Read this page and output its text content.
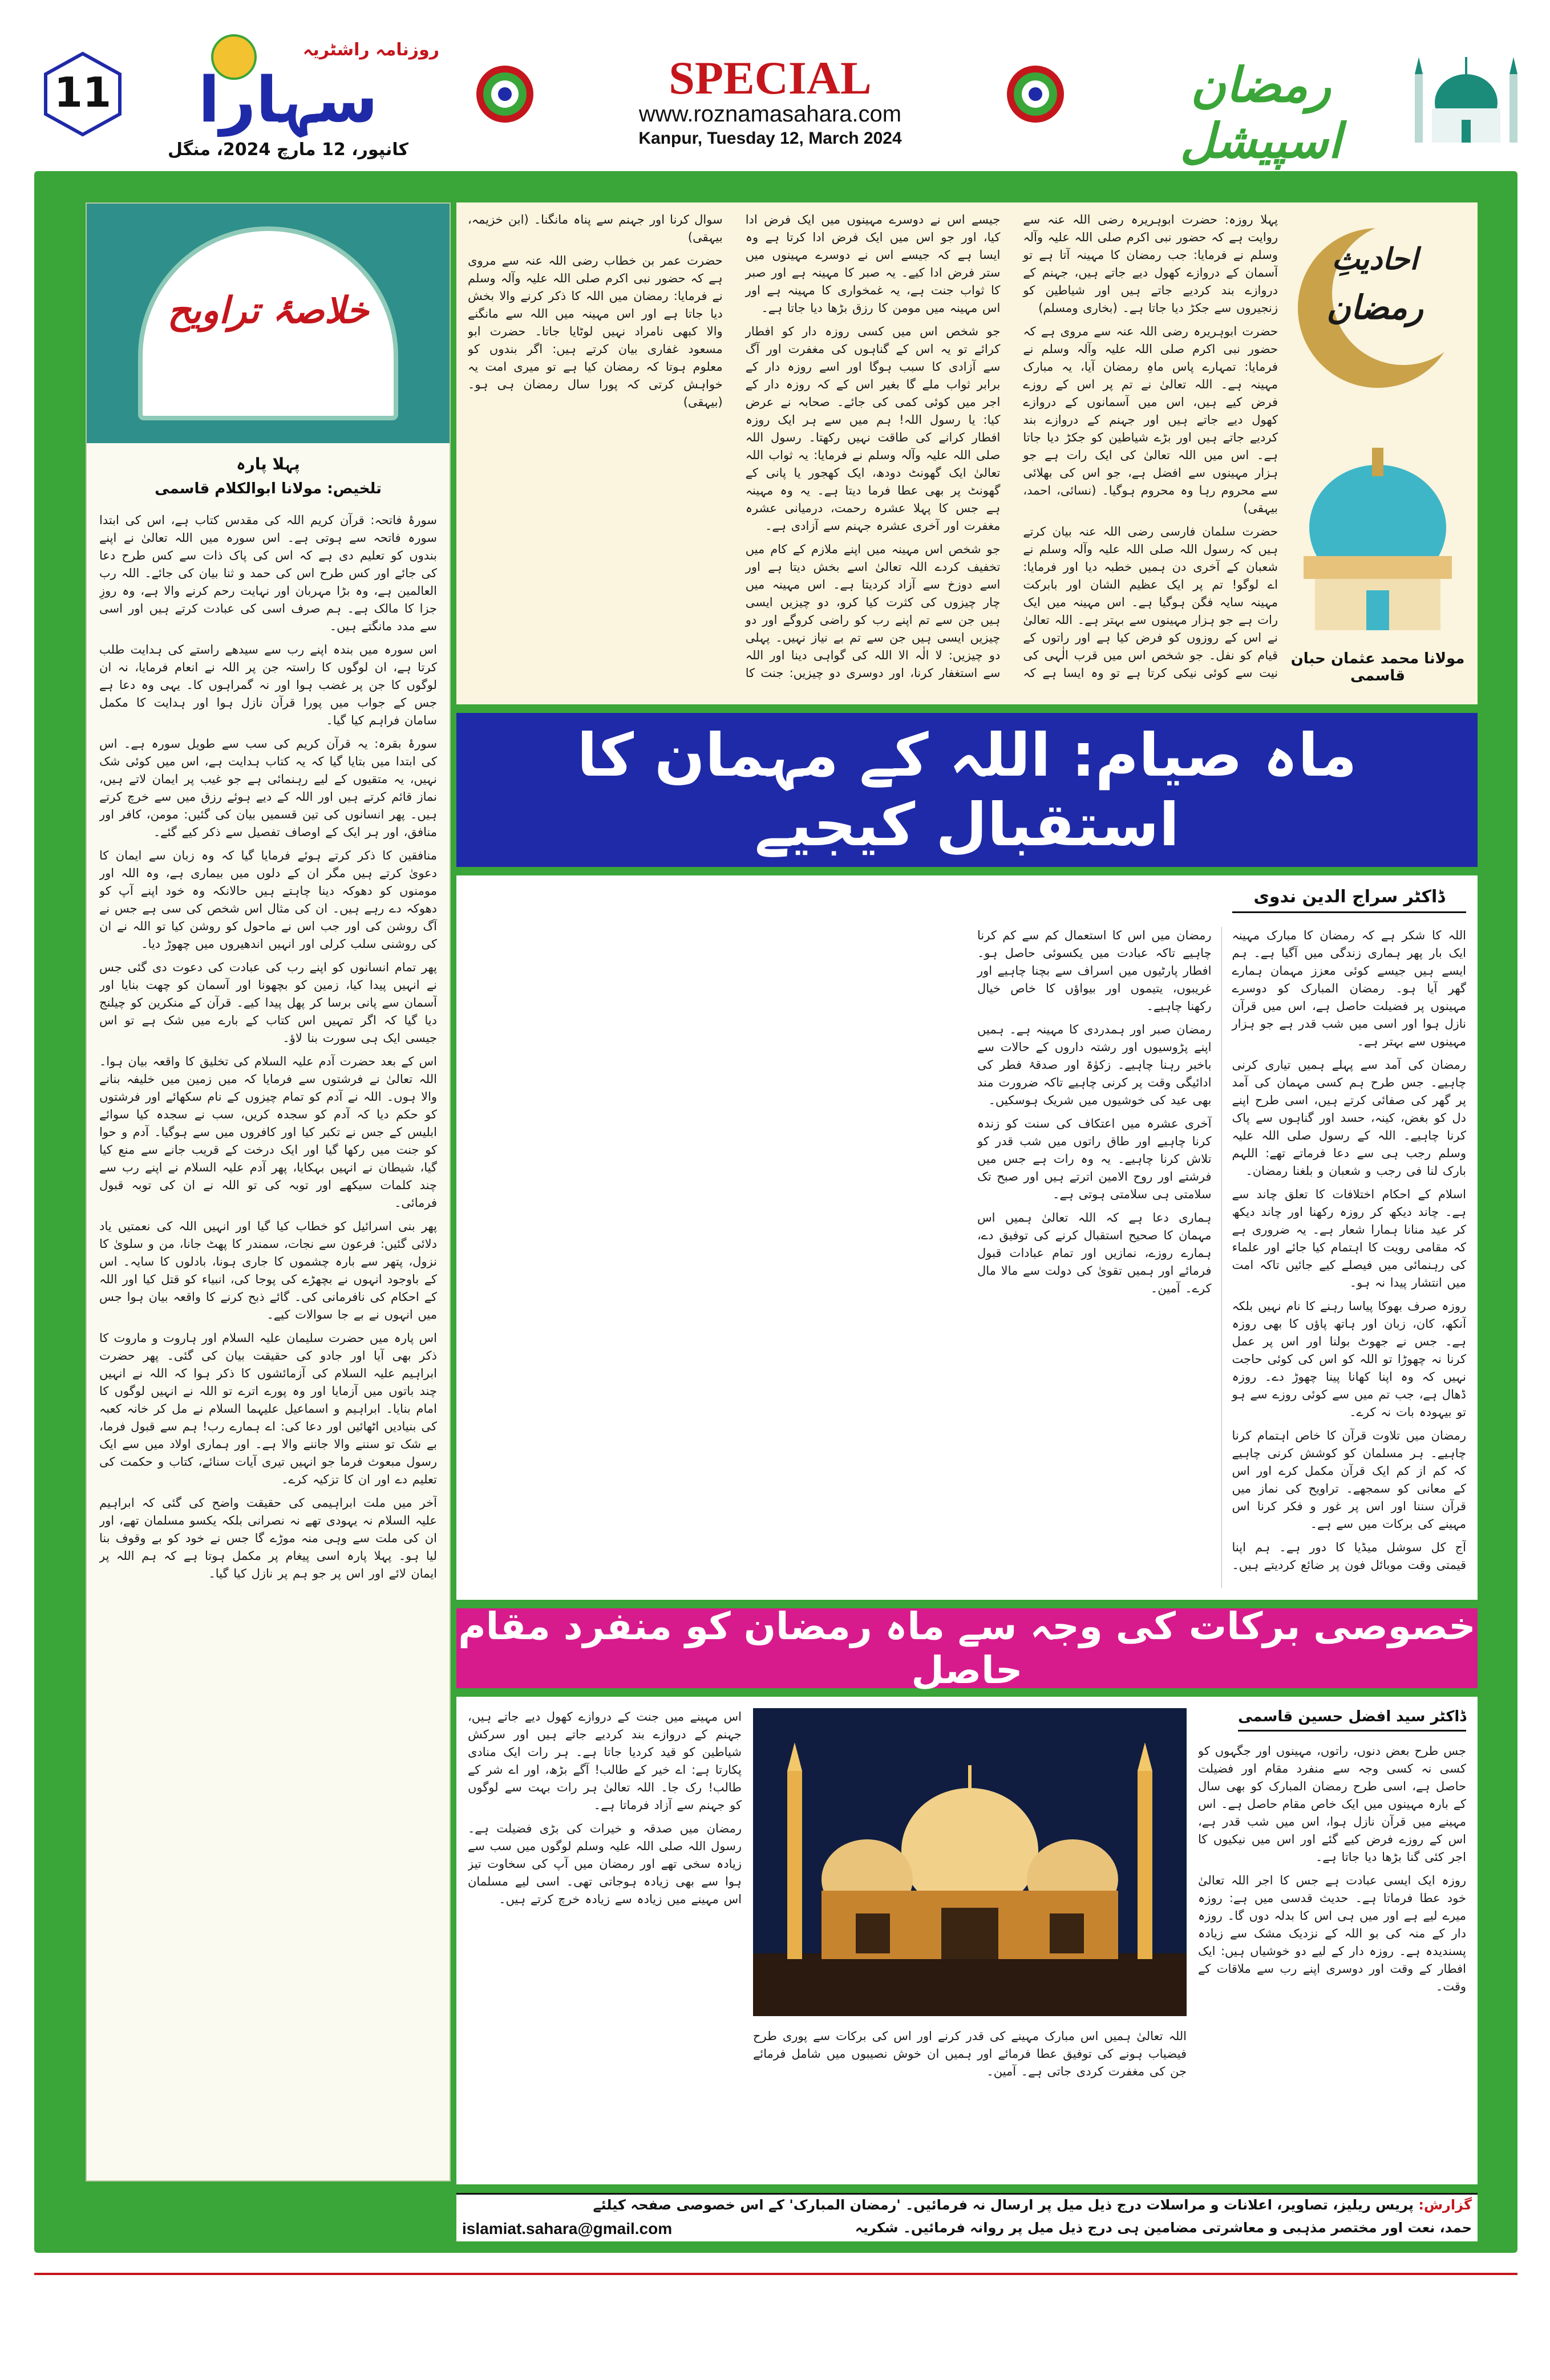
11
روزنامہ راشٹریہ
سہارا
کانپور، 12 مارچ 2024، منگل
SPECIAL
www.roznamasahara.com
Kanpur, Tuesday 12, March 2024
رمضان اسپیشل
خلاصۂ تراویح
پہلا پارہ
تلخیص: مولانا ابوالکلام قاسمی

سورۂ فاتحہ: قرآن کریم اللہ کی مقدس کتاب ہے، اس کی ابتدا سورہ فاتحہ سے ہوتی ہے۔ اس سورہ میں اللہ تعالیٰ نے اپنے بندوں کو تعلیم دی ہے کہ اس کی پاک ذات سے کس طرح دعا کی جائے اور کس طرح اس کی حمد و ثنا بیان کی جائے۔ اللہ رب العالمین ہے، وہ بڑا مہربان اور نہایت رحم کرنے والا ہے، وہ روزِ جزا کا مالک ہے۔ ہم صرف اسی کی عبادت کرتے ہیں اور اسی سے مدد مانگتے ہیں۔

اس سورہ میں بندہ اپنے رب سے سیدھے راستے کی ہدایت طلب کرتا ہے، ان لوگوں کا راستہ جن پر اللہ نے انعام فرمایا، نہ ان لوگوں کا جن پر غضب ہوا اور نہ گمراہوں کا۔ یہی وہ دعا ہے جس کے جواب میں پورا قرآن نازل ہوا اور ہدایت کا مکمل سامان فراہم کیا گیا۔

سورۂ بقرہ: یہ قرآن کریم کی سب سے طویل سورہ ہے۔ اس کی ابتدا میں بتایا گیا کہ یہ کتاب ہدایت ہے، اس میں کوئی شک نہیں، یہ متقیوں کے لیے رہنمائی ہے جو غیب پر ایمان لاتے ہیں، نماز قائم کرتے ہیں اور اللہ کے دیے ہوئے رزق میں سے خرچ کرتے ہیں۔ پھر انسانوں کی تین قسمیں بیان کی گئیں: مومن، کافر اور منافق، اور ہر ایک کے اوصاف تفصیل سے ذکر کیے گئے۔

منافقین کا ذکر کرتے ہوئے فرمایا گیا کہ وہ زبان سے ایمان کا دعویٰ کرتے ہیں مگر ان کے دلوں میں بیماری ہے، وہ اللہ اور مومنوں کو دھوکہ دینا چاہتے ہیں حالانکہ وہ خود اپنے آپ کو دھوکہ دے رہے ہیں۔ ان کی مثال اس شخص کی سی ہے جس نے آگ روشن کی اور جب اس نے ماحول کو روشن کیا تو اللہ نے ان کی روشنی سلب کرلی اور انہیں اندھیروں میں چھوڑ دیا۔

پھر تمام انسانوں کو اپنے رب کی عبادت کی دعوت دی گئی جس نے انہیں پیدا کیا، زمین کو بچھونا اور آسمان کو چھت بنایا اور آسمان سے پانی برسا کر پھل پیدا کیے۔ قرآن کے منکرین کو چیلنج دیا گیا کہ اگر تمہیں اس کتاب کے بارے میں شک ہے تو اس جیسی ایک ہی سورت بنا لاؤ۔

اس کے بعد حضرت آدم علیہ السلام کی تخلیق کا واقعہ بیان ہوا۔ اللہ تعالیٰ نے فرشتوں سے فرمایا کہ میں زمین میں خلیفہ بنانے والا ہوں۔ اللہ نے آدم کو تمام چیزوں کے نام سکھائے اور فرشتوں کو حکم دیا کہ آدم کو سجدہ کریں، سب نے سجدہ کیا سوائے ابلیس کے جس نے تکبر کیا اور کافروں میں سے ہوگیا۔ آدم و حوا کو جنت میں رکھا گیا اور ایک درخت کے قریب جانے سے منع کیا گیا، شیطان نے انہیں بہکایا، پھر آدم علیہ السلام نے اپنے رب سے چند کلمات سیکھے اور توبہ کی تو اللہ نے ان کی توبہ قبول فرمائی۔

پھر بنی اسرائیل کو خطاب کیا گیا اور انہیں اللہ کی نعمتیں یاد دلائی گئیں: فرعون سے نجات، سمندر کا پھٹ جانا، من و سلویٰ کا نزول، پتھر سے بارہ چشموں کا جاری ہونا، بادلوں کا سایہ۔ اس کے باوجود انہوں نے بچھڑے کی پوجا کی، انبیاء کو قتل کیا اور اللہ کے احکام کی نافرمانی کی۔ گائے ذبح کرنے کا واقعہ بیان ہوا جس میں انہوں نے بے جا سوالات کیے۔

اس پارہ میں حضرت سلیمان علیہ السلام اور ہاروت و ماروت کا ذکر بھی آیا اور جادو کی حقیقت بیان کی گئی۔ پھر حضرت ابراہیم علیہ السلام کی آزمائشوں کا ذکر ہوا کہ اللہ نے انہیں چند باتوں میں آزمایا اور وہ پورے اترے تو اللہ نے انہیں لوگوں کا امام بنایا۔ ابراہیم و اسماعیل علیہما السلام نے مل کر خانہ کعبہ کی بنیادیں اٹھائیں اور دعا کی: اے ہمارے رب! ہم سے قبول فرما، بے شک تو سننے والا جاننے والا ہے۔ اور ہماری اولاد میں سے ایک رسول مبعوث فرما جو انہیں تیری آیات سنائے، کتاب و حکمت کی تعلیم دے اور ان کا تزکیہ کرے۔

آخر میں ملت ابراہیمی کی حقیقت واضح کی گئی کہ ابراہیم علیہ السلام نہ یہودی تھے نہ نصرانی بلکہ یکسو مسلمان تھے، اور ان کی ملت سے وہی منہ موڑے گا جس نے خود کو بے وقوف بنا لیا ہو۔ پہلا پارہ اسی پیغام پر مکمل ہوتا ہے کہ ہم اللہ پر ایمان لائے اور اس پر جو ہم پر نازل کیا گیا۔

احادیثِ
رمضان
مولانا محمد عثمان حبان قاسمی

پہلا روزہ: حضرت ابوہریرہ رضی اللہ عنہ سے روایت ہے کہ حضور نبی اکرم صلی اللہ علیہ وآلہ وسلم نے فرمایا: جب رمضان کا مہینہ آتا ہے تو آسمان کے دروازے کھول دیے جاتے ہیں، جہنم کے دروازے بند کردیے جاتے ہیں اور شیاطین کو زنجیروں سے جکڑ دیا جاتا ہے۔ (بخاری ومسلم)

حضرت ابوہریرہ رضی اللہ عنہ سے مروی ہے کہ حضور نبی اکرم صلی اللہ علیہ وآلہ وسلم نے فرمایا: تمہارے پاس ماہِ رمضان آیا، یہ مبارک مہینہ ہے۔ اللہ تعالیٰ نے تم پر اس کے روزے فرض کیے ہیں، اس میں آسمانوں کے دروازے کھول دیے جاتے ہیں اور جہنم کے دروازے بند کردیے جاتے ہیں اور بڑے شیاطین کو جکڑ دیا جاتا ہے۔ اس میں اللہ تعالیٰ کی ایک رات ہے جو ہزار مہینوں سے افضل ہے، جو اس کی بھلائی سے محروم رہا وہ محروم ہوگیا۔ (نسائی، احمد، بیہقی)

حضرت سلمان فارسی رضی اللہ عنہ بیان کرتے ہیں کہ رسول اللہ صلی اللہ علیہ وآلہ وسلم نے شعبان کے آخری دن ہمیں خطبہ دیا اور فرمایا: اے لوگو! تم پر ایک عظیم الشان اور بابرکت مہینہ سایہ فگن ہوگیا ہے۔ اس مہینہ میں ایک رات ہے جو ہزار مہینوں سے بہتر ہے۔ اللہ تعالیٰ نے اس کے روزوں کو فرض کیا ہے اور راتوں کے قیام کو نفل۔ جو شخص اس میں قرب الٰہی کی نیت سے کوئی نیکی کرتا ہے تو وہ ایسا ہے کہ جیسے اس نے دوسرے مہینوں میں ایک فرض ادا کیا، اور جو اس میں ایک فرض ادا کرتا ہے وہ ایسا ہے کہ جیسے اس نے دوسرے مہینوں میں ستر فرض ادا کیے۔ یہ صبر کا مہینہ ہے اور صبر کا ثواب جنت ہے، یہ غمخواری کا مہینہ ہے اور اس مہینہ میں مومن کا رزق بڑھا دیا جاتا ہے۔

جو شخص اس میں کسی روزہ دار کو افطار کرائے تو یہ اس کے گناہوں کی مغفرت اور آگ سے آزادی کا سبب ہوگا اور اسے روزہ دار کے برابر ثواب ملے گا بغیر اس کے کہ روزہ دار کے اجر میں کوئی کمی کی جائے۔ صحابہ نے عرض کیا: یا رسول اللہ! ہم میں سے ہر ایک روزہ افطار کرانے کی طاقت نہیں رکھتا۔ رسول اللہ صلی اللہ علیہ وآلہ وسلم نے فرمایا: یہ ثواب اللہ تعالیٰ ایک گھونٹ دودھ، ایک کھجور یا پانی کے گھونٹ پر بھی عطا فرما دیتا ہے۔ یہ وہ مہینہ ہے جس کا پہلا عشرہ رحمت، درمیانی عشرہ مغفرت اور آخری عشرہ جہنم سے آزادی ہے۔

جو شخص اس مہینہ میں اپنے ملازم کے کام میں تخفیف کردے اللہ تعالیٰ اسے بخش دیتا ہے اور اسے دوزخ سے آزاد کردیتا ہے۔ اس مہینہ میں چار چیزوں کی کثرت کیا کرو، دو چیزیں ایسی ہیں جن سے تم اپنے رب کو راضی کروگے اور دو چیزیں ایسی ہیں جن سے تم بے نیاز نہیں۔ پہلی دو چیزیں: لا الٰہ الا اللہ کی گواہی دینا اور اللہ سے استغفار کرنا، اور دوسری دو چیزیں: جنت کا سوال کرنا اور جہنم سے پناہ مانگنا۔ (ابن خزیمہ، بیہقی)

حضرت عمر بن خطاب رضی اللہ عنہ سے مروی ہے کہ حضور نبی اکرم صلی اللہ علیہ وآلہ وسلم نے فرمایا: رمضان میں اللہ کا ذکر کرنے والا بخش دیا جاتا ہے اور اس مہینہ میں اللہ سے مانگنے والا کبھی نامراد نہیں لوٹایا جاتا۔ حضرت ابو مسعود غفاری بیان کرتے ہیں: اگر بندوں کو معلوم ہوتا کہ رمضان کیا ہے تو میری امت یہ خواہش کرتی کہ پورا سال رمضان ہی ہو۔ (بیہقی)

ماہ صیام: اللہ کے مہمان کا استقبال کیجیے
ڈاکٹر سراج الدین ندوی

اللہ کا شکر ہے کہ رمضان کا مبارک مہینہ ایک بار پھر ہماری زندگی میں آگیا ہے۔ ہم ایسے ہیں جیسے کوئی معزز مہمان ہمارے گھر آیا ہو۔ رمضان المبارک کو دوسرے مہینوں پر فضیلت حاصل ہے، اس میں قرآن نازل ہوا اور اسی میں شب قدر ہے جو ہزار مہینوں سے بہتر ہے۔

رمضان کی آمد سے پہلے ہمیں تیاری کرنی چاہیے۔ جس طرح ہم کسی مہمان کی آمد پر گھر کی صفائی کرتے ہیں، اسی طرح اپنے دل کو بغض، کینہ، حسد اور گناہوں سے پاک کرنا چاہیے۔ اللہ کے رسول صلی اللہ علیہ وسلم رجب ہی سے دعا فرماتے تھے: اللہم بارک لنا فی رجب و شعبان و بلغنا رمضان۔

اسلام کے احکام اختلافات کا تعلق چاند سے ہے۔ چاند دیکھ کر روزہ رکھنا اور چاند دیکھ کر عید منانا ہمارا شعار ہے۔ یہ ضروری ہے کہ مقامی رویت کا اہتمام کیا جائے اور علماء کی رہنمائی میں فیصلے کیے جائیں تاکہ امت میں انتشار پیدا نہ ہو۔

روزہ صرف بھوکا پیاسا رہنے کا نام نہیں بلکہ آنکھ، کان، زبان اور ہاتھ پاؤں کا بھی روزہ ہے۔ جس نے جھوٹ بولنا اور اس پر عمل کرنا نہ چھوڑا تو اللہ کو اس کی کوئی حاجت نہیں کہ وہ اپنا کھانا پینا چھوڑ دے۔ روزہ ڈھال ہے، جب تم میں سے کوئی روزے سے ہو تو بیہودہ بات نہ کرے۔

رمضان میں تلاوت قرآن کا خاص اہتمام کرنا چاہیے۔ ہر مسلمان کو کوشش کرنی چاہیے کہ کم از کم ایک قرآن مکمل کرے اور اس کے معانی کو سمجھے۔ تراویح کی نماز میں قرآن سننا اور اس پر غور و فکر کرنا اس مہینے کی برکات میں سے ہے۔

آج کل سوشل میڈیا کا دور ہے۔ ہم اپنا قیمتی وقت موبائل فون پر ضائع کردیتے ہیں۔ رمضان میں اس کا استعمال کم سے کم کرنا چاہیے تاکہ عبادت میں یکسوئی حاصل ہو۔ افطار پارٹیوں میں اسراف سے بچنا چاہیے اور غریبوں، یتیموں اور بیواؤں کا خاص خیال رکھنا چاہیے۔

رمضان صبر اور ہمدردی کا مہینہ ہے۔ ہمیں اپنے پڑوسیوں اور رشتہ داروں کے حالات سے باخبر رہنا چاہیے۔ زکوٰۃ اور صدقۂ فطر کی ادائیگی وقت پر کرنی چاہیے تاکہ ضرورت مند بھی عید کی خوشیوں میں شریک ہوسکیں۔

آخری عشرہ میں اعتکاف کی سنت کو زندہ کرنا چاہیے اور طاق راتوں میں شب قدر کو تلاش کرنا چاہیے۔ یہ وہ رات ہے جس میں فرشتے اور روح الامین اترتے ہیں اور صبح تک سلامتی ہی سلامتی ہوتی ہے۔

ہماری دعا ہے کہ اللہ تعالیٰ ہمیں اس مہمان کا صحیح استقبال کرنے کی توفیق دے، ہمارے روزے، نمازیں اور تمام عبادات قبول فرمائے اور ہمیں تقویٰ کی دولت سے مالا مال کرے۔ آمین۔

خصوصی برکات کی وجہ سے ماہ رمضان کو منفرد مقام حاصل
ڈاکٹر سید افضل حسین قاسمی

جس طرح بعض دنوں، راتوں، مہینوں اور جگہوں کو کسی نہ کسی وجہ سے منفرد مقام اور فضیلت حاصل ہے، اسی طرح رمضان المبارک کو بھی سال کے بارہ مہینوں میں ایک خاص مقام حاصل ہے۔ اس مہینے میں قرآن نازل ہوا، اس میں شب قدر ہے، اس کے روزے فرض کیے گئے اور اس میں نیکیوں کا اجر کئی گنا بڑھا دیا جاتا ہے۔

روزہ ایک ایسی عبادت ہے جس کا اجر اللہ تعالیٰ خود عطا فرماتا ہے۔ حدیث قدسی میں ہے: روزہ میرے لیے ہے اور میں ہی اس کا بدلہ دوں گا۔ روزہ دار کے منہ کی بو اللہ کے نزدیک مشک سے زیادہ پسندیدہ ہے۔ روزہ دار کے لیے دو خوشیاں ہیں: ایک افطار کے وقت اور دوسری اپنے رب سے ملاقات کے وقت۔

اس مہینے میں جنت کے دروازے کھول دیے جاتے ہیں، جہنم کے دروازے بند کردیے جاتے ہیں اور سرکش شیاطین کو قید کردیا جاتا ہے۔ ہر رات ایک منادی پکارتا ہے: اے خیر کے طالب! آگے بڑھ، اور اے شر کے طالب! رک جا۔ اللہ تعالیٰ ہر رات بہت سے لوگوں کو جہنم سے آزاد فرماتا ہے۔

رمضان میں صدقہ و خیرات کی بڑی فضیلت ہے۔ رسول اللہ صلی اللہ علیہ وسلم لوگوں میں سب سے زیادہ سخی تھے اور رمضان میں آپ کی سخاوت تیز ہوا سے بھی زیادہ ہوجاتی تھی۔ اسی لیے مسلمان اس مہینے میں زیادہ سے زیادہ خرچ کرتے ہیں۔

اللہ تعالیٰ ہمیں اس مبارک مہینے کی قدر کرنے اور اس کی برکات سے پوری طرح فیضیاب ہونے کی توفیق عطا فرمائے اور ہمیں ان خوش نصیبوں میں شامل فرمائے جن کی مغفرت کردی جاتی ہے۔ آمین۔

گزارش: پریس ریلیز، تصاویر، اعلانات و مراسلات درج ذیل میل پر ارسال نہ فرمائیں۔ 'رمضان المبارک' کے اس خصوصی صفحہ کیلئے
islamiat.sahara@gmail.com	حمد، نعت اور مختصر مذہبی و معاشرتی مضامین ہی درج ذیل میل پر روانہ فرمائیں۔ شکریہ
